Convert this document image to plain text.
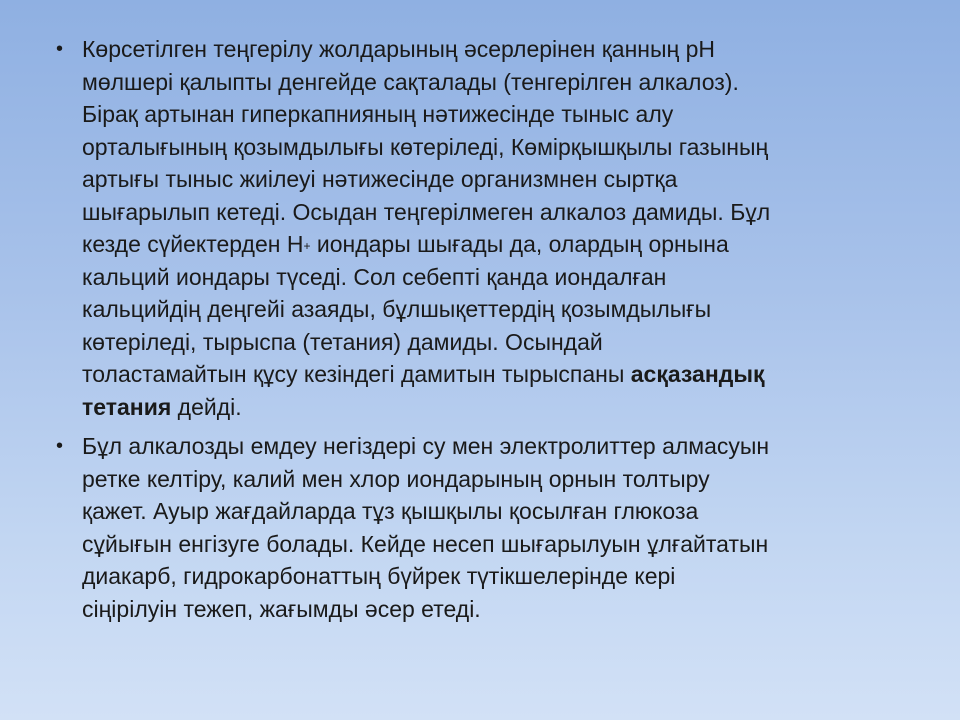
• Көрсетілген теңгерілу жолдарының әсерлерінен қанның pH
мөлшері қалыпты денгейде сақталады (тенгерілген алкалоз).
Бірақ артынан гиперкапнияның нәтижесінде тыныс алу
орталығының қозымдылығы көтеріледі, Көмірқышқылы газының
артығы тыныс жиілеуі нәтижесінде организмнен сыртқа
шығарылып кетеді. Осыдан теңгерілмеген алкалоз дамиды. Бұл
кезде сүйектерден H+ иондары шығады да, олардың орнына
кальций иондары түседі. Сол себепті қанда иондалған
кальцийдің деңгейі азаяды, бұлшықеттердің қозымдылығы
көтеріледі, тырыспа (тетания) дамиды. Осындай
толастамайтын құсу кезіндегі дамитын тырыспаны асқазандық
тетания дейді.
• Бұл алкалозды емдеу негіздері су мен электролиттер алмасуын
ретке келтіру, калий мен хлор иондарының орнын толтыру
қажет. Ауыр жағдайларда тұз қышқылы қосылған глюкоза
сұйығын енгізуге болады. Кейде несеп шығарылуын ұлғайтатын
диакарб, гидрокарбонаттың бүйрек түтікшелерінде кері
сіңірілуін тежеп, жағымды әсер етеді.
